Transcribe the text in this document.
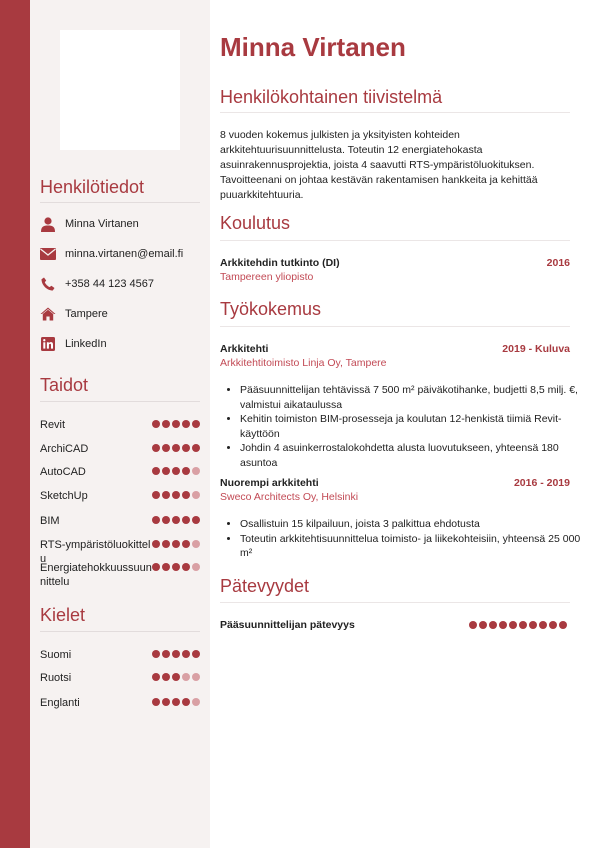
Henkilötiedot
Minna Virtanen
minna.virtanen@email.fi
+358 44 123 4567
Tampere
LinkedIn
Taidot
Revit
ArchiCAD
AutoCAD
SketchUp
BIM
RTS-ympäristöluokittelu
Energiatehokkuussuunnittelu
Kielet
Suomi
Ruotsi
Englanti
Minna Virtanen
Henkilökohtainen tiivistelmä

8 vuoden kokemus julkisten ja yksityisten kohteiden arkkitehtuurisuunnittelusta. Toteutin 12 energiatehokasta asuinrakennusprojektia, joista 4 saavutti RTS-ympäristöluokituksen. Tavoitteenani on johtaa kestävän rakentamisen hankkeita ja kehittää puuarkkitehtuuria.

Koulutus
Arkkitehdin tutkinto (DI)	2016
Tampereen yliopisto
Työkokemus
Arkkitehti	2019 - Kuluva
Arkkitehtitoimisto Linja Oy, Tampere
• Pääsuunnittelijan tehtävissä 7 500 m² päiväkotihanke, budjetti 8,5 milj. €, valmistui aikataulussa
• Kehitin toimiston BIM-prosesseja ja koulutan 12-henkistä tiimiä Revit-käyttöön
• Johdin 4 asuinkerrostalokohdetta alusta luovutukseen, yhteensä 180 asuntoa
Nuorempi arkkitehti	2016 - 2019
Sweco Architects Oy, Helsinki
• Osallistuin 15 kilpailuun, joista 3 palkittua ehdotusta
• Toteutin arkkitehtisuunnittelua toimisto- ja liikekohteisiin, yhteensä 25 000 m²
Pätevyydet
Pääsuunnittelijan pätevyys
